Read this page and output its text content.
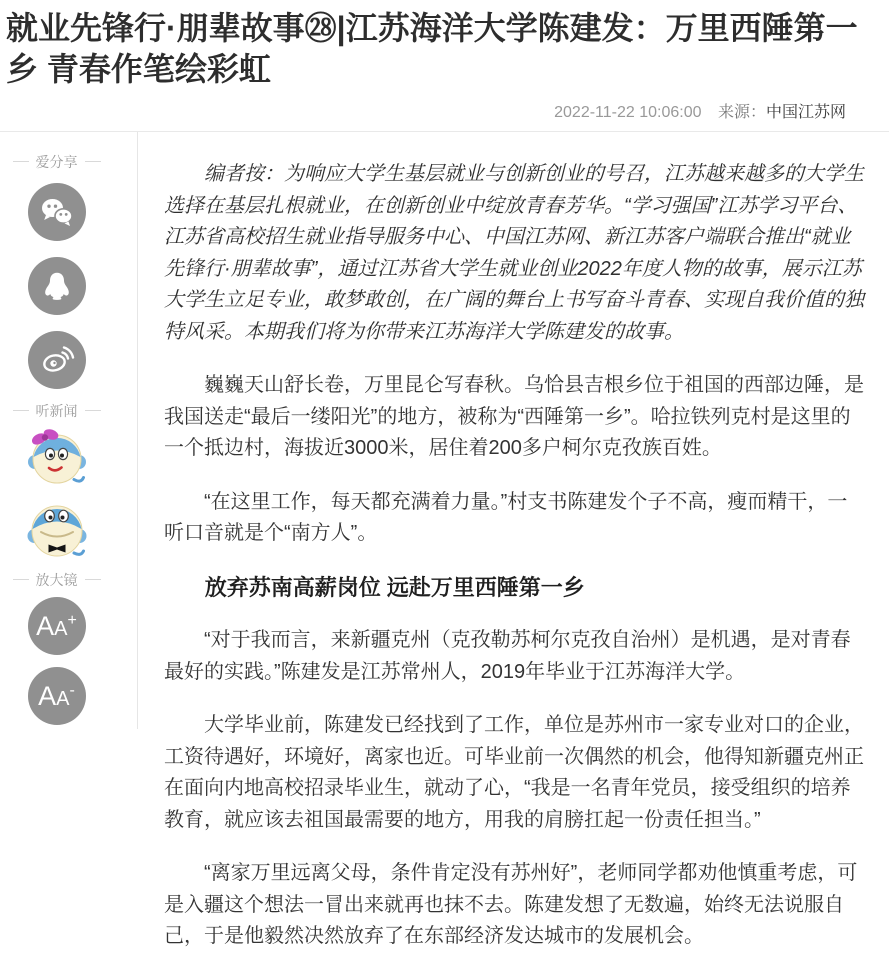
就业先锋行·朋辈故事㉘|江苏海洋大学陈建发：万里西陲第一乡 青春作笔绘彩虹
2022-11-22 10:06:00 来源：中国江苏网
爱分享
听新闻
放大镜
A A +
A A -

编者按：为响应大学生基层就业与创新创业的号召，江苏越来越多的大学生选择在基层扎根就业，在创新创业中绽放青春芳华。“学习强国”江苏学习平台、江苏省高校招生就业指导服务中心、中国江苏网、新江苏客户端联合推出“就业先锋行·朋辈故事”，通过江苏省大学生就业创业2022年度人物的故事，展示江苏大学生立足专业，敢梦敢创，在广阔的舞台上书写奋斗青春、实现自我价值的独特风采。本期我们将为你带来江苏海洋大学陈建发的故事。

巍巍天山舒长卷，万里昆仑写春秋。乌恰县吉根乡位于祖国的西部边陲，是我国送走“最后一缕阳光”的地方，被称为“西陲第一乡”。哈拉铁列克村是这里的一个抵边村，海拔近3000米，居住着200多户柯尔克孜族百姓。

“在这里工作，每天都充满着力量。”村支书陈建发个子不高，瘦而精干，一听口音就是个“南方人”。

放弃苏南高薪岗位 远赴万里西陲第一乡

“对于我而言，来新疆克州（克孜勒苏柯尔克孜自治州）是机遇，是对青春最好的实践。”陈建发是江苏常州人，2019年毕业于江苏海洋大学。

大学毕业前，陈建发已经找到了工作，单位是苏州市一家专业对口的企业，工资待遇好，环境好，离家也近。可毕业前一次偶然的机会，他得知新疆克州正在面向内地高校招录毕业生，就动了心，“我是一名青年党员，接受组织的培养教育，就应该去祖国最需要的地方，用我的肩膀扛起一份责任担当。”

“离家万里远离父母，条件肯定没有苏州好”，老师同学都劝他慎重考虑，可是入疆这个想法一冒出来就再也抹不去。陈建发想了无数遍，始终无法说服自己，于是他毅然决然放弃了在东部经济发达城市的发展机会。
